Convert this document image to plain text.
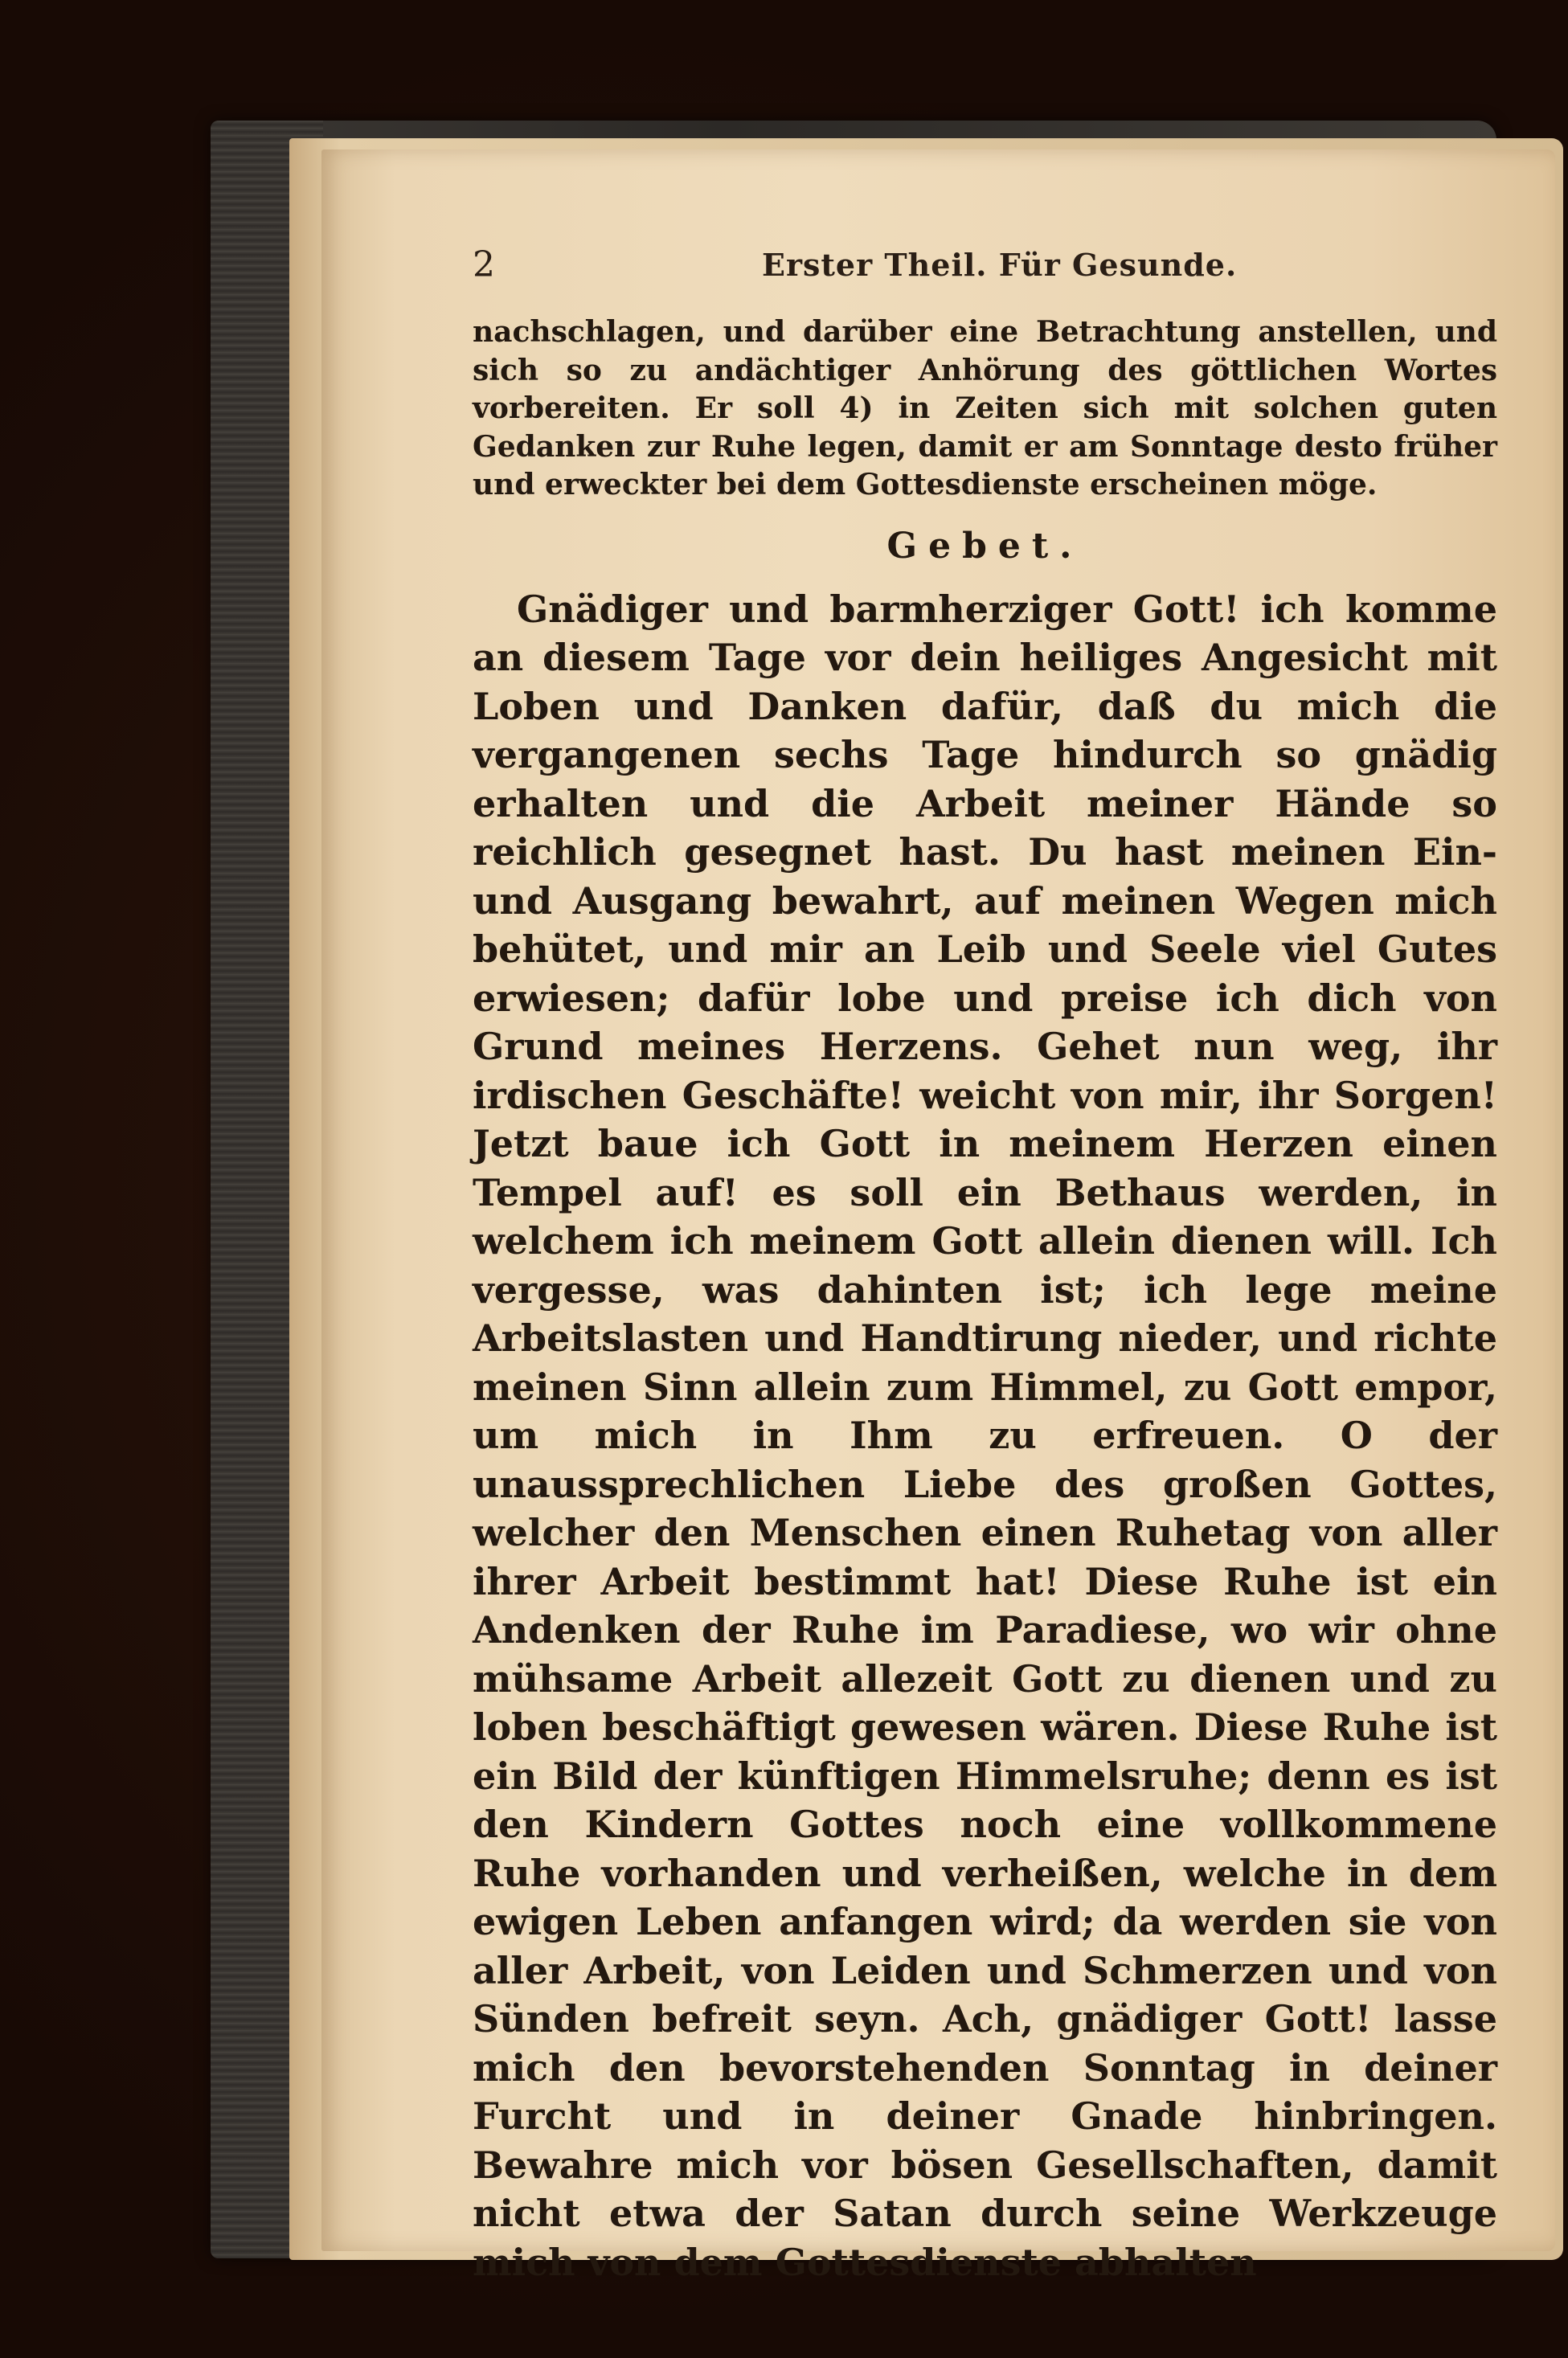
2	Erster Theil. Für Gesunde.

nachschlagen, und darüber eine Betrachtung anstellen, und sich so zu andächtiger Anhörung des göttlichen Wortes vorbereiten. Er soll 4) in Zeiten sich mit solchen guten Gedanken zur Ruhe legen, damit er am Sonntage desto früher und erweckter bei dem Gottesdienste erscheinen möge.

Gebet.

Gnädiger und barmherziger Gott! ich komme an diesem Tage vor dein heiliges Angesicht mit Loben und Danken dafür, daß du mich die vergangenen sechs Tage hindurch so gnädig erhalten und die Arbeit meiner Hände so reichlich gesegnet hast. Du hast meinen Ein- und Ausgang bewahrt, auf meinen Wegen mich behütet, und mir an Leib und Seele viel Gutes erwiesen; dafür lobe und preise ich dich von Grund meines Herzens. Gehet nun weg, ihr irdischen Geschäfte! weicht von mir, ihr Sorgen! Jetzt baue ich Gott in meinem Herzen einen Tempel auf! es soll ein Bethaus werden, in welchem ich meinem Gott allein dienen will. Ich vergesse, was dahinten ist; ich lege meine Arbeitslasten und Handtirung nieder, und richte meinen Sinn allein zum Himmel, zu Gott empor, um mich in Ihm zu erfreuen. O der unaussprechlichen Liebe des großen Gottes, welcher den Menschen einen Ruhetag von aller ihrer Arbeit bestimmt hat! Diese Ruhe ist ein Andenken der Ruhe im Paradiese, wo wir ohne mühsame Arbeit allezeit Gott zu dienen und zu loben beschäftigt gewesen wären. Diese Ruhe ist ein Bild der künftigen Himmelsruhe; denn es ist den Kindern Gottes noch eine vollkommene Ruhe vorhanden und verheißen, welche in dem ewigen Leben anfangen wird; da werden sie von aller Arbeit, von Leiden und Schmerzen und von Sünden befreit seyn. Ach, gnädiger Gott! lasse mich den bevorstehenden Sonntag in deiner Furcht und in deiner Gnade hinbringen. Bewahre mich vor bösen Gesellschaften, damit nicht etwa der Satan durch seine Werkzeuge mich von dem Gottesdienste abhalten
